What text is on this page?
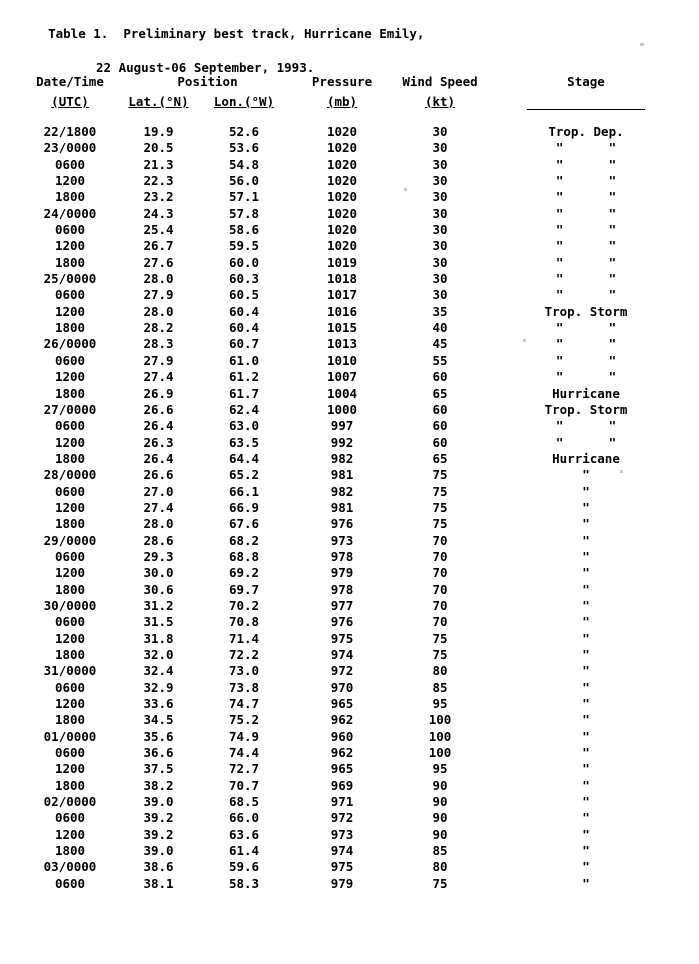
Table 1.  Preliminary best track, Hurricane Emily,

22 August-06 September, 1993.

Date/Time	Position		Pressure	Wind Speed	Stage
(UTC)	Lat.(°N)	Lon.(°W)	(mb)	(kt)	

22/1800	19.9	52.6	1020	30	Trop. Dep.
23/0000	20.5	53.6	1020	30	"      "
0600	21.3	54.8	1020	30	"      "
1200	22.3	56.0	1020	30	"      "
1800	23.2	57.1	1020	30	"      "
24/0000	24.3	57.8	1020	30	"      "
0600	25.4	58.6	1020	30	"      "
1200	26.7	59.5	1020	30	"      "
1800	27.6	60.0	1019	30	"      "
25/0000	28.0	60.3	1018	30	"      "
0600	27.9	60.5	1017	30	"      "
1200	28.0	60.4	1016	35	Trop. Storm
1800	28.2	60.4	1015	40	"      "
26/0000	28.3	60.7	1013	45	"      "
0600	27.9	61.0	1010	55	"      "
1200	27.4	61.2	1007	60	"      "
1800	26.9	61.7	1004	65	Hurricane
27/0000	26.6	62.4	1000	60	Trop. Storm
0600	26.4	63.0	997	60	"      "
1200	26.3	63.5	992	60	"      "
1800	26.4	64.4	982	65	Hurricane
28/0000	26.6	65.2	981	75	"
0600	27.0	66.1	982	75	"
1200	27.4	66.9	981	75	"
1800	28.0	67.6	976	75	"
29/0000	28.6	68.2	973	70	"
0600	29.3	68.8	978	70	"
1200	30.0	69.2	979	70	"
1800	30.6	69.7	978	70	"
30/0000	31.2	70.2	977	70	"
0600	31.5	70.8	976	70	"
1200	31.8	71.4	975	75	"
1800	32.0	72.2	974	75	"
31/0000	32.4	73.0	972	80	"
0600	32.9	73.8	970	85	"
1200	33.6	74.7	965	95	"
1800	34.5	75.2	962	100	"
01/0000	35.6	74.9	960	100	"
0600	36.6	74.4	962	100	"
1200	37.5	72.7	965	95	"
1800	38.2	70.7	969	90	"
02/0000	39.0	68.5	971	90	"
0600	39.2	66.0	972	90	"
1200	39.2	63.6	973	90	"
1800	39.0	61.4	974	85	"
03/0000	38.6	59.6	975	80	"
0600	38.1	58.3	979	75	"
